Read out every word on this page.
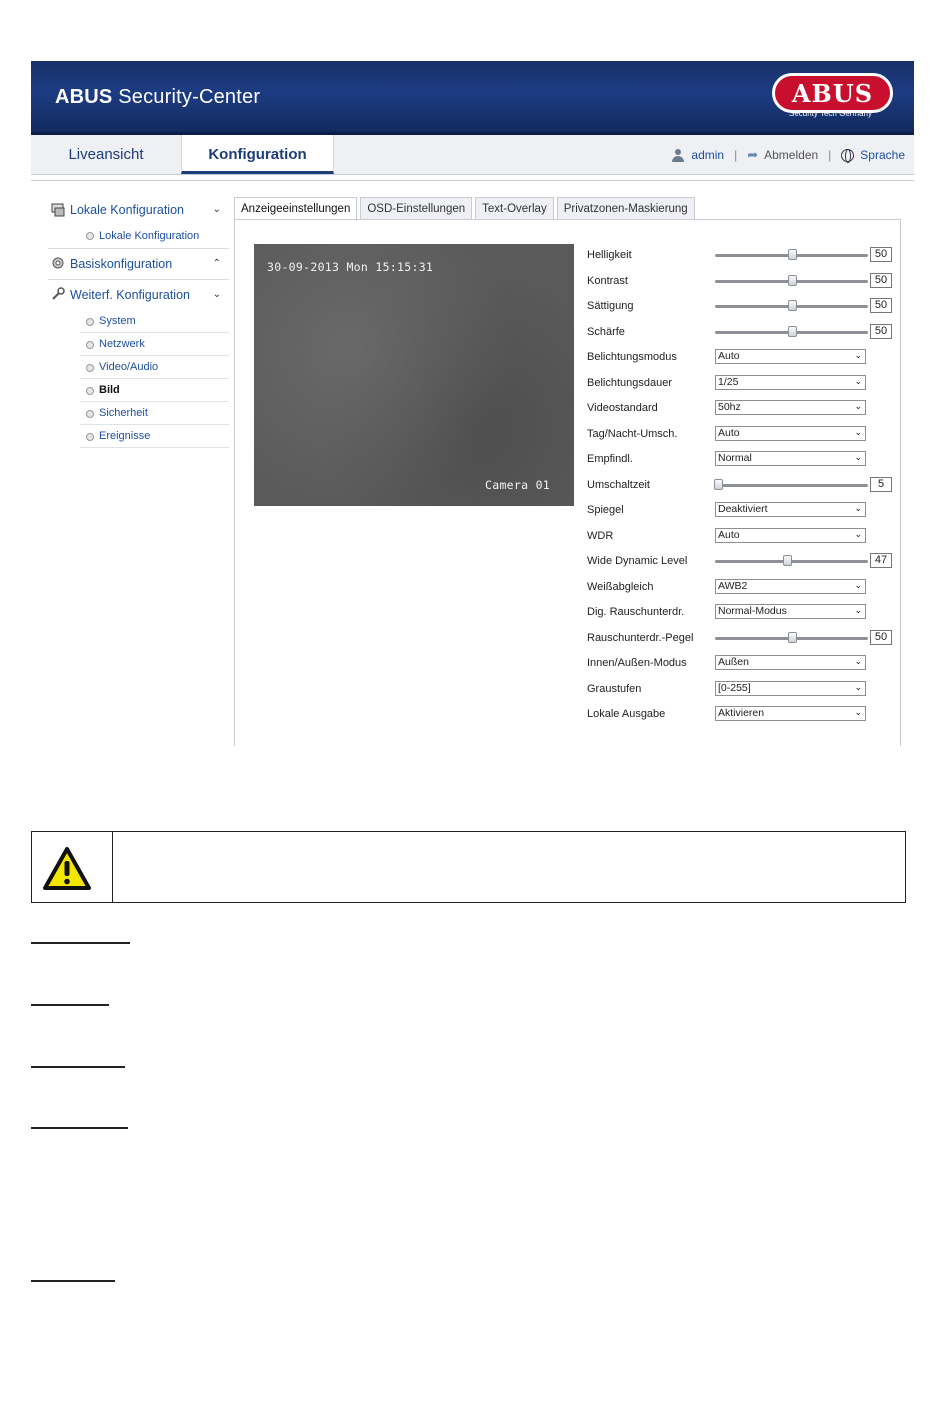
ABUS Security-Center	ABUS
Security Tech Germany
Liveansicht	Konfiguration	admin | ➦ Abmelden | Sprache
Lokale Konfiguration	⌄
Lokale Konfiguration
Basiskonfiguration	⌃
Weiterf. Konfiguration ⌄
System
Netzwerk
Video/Audio
Bild
Sicherheit
Ereignisse
Anzeigeeinstellungen	OSD-Einstellungen	Text-Overlay	Privatzonen-Maskierung
30-09-2013 Mon 15:15:31
Camera 01
Helligkeit	50
Kontrast	50
Sättigung	50
Schärfe	50
Belichtungsmodus	Auto	⌄
Belichtungsdauer	1/25	⌄
Videostandard	50hz	⌄
Tag/Nacht-Umsch.	Auto	⌄
Empfindl.	Normal	⌄
Umschaltzeit	5
Spiegel	Deaktiviert	⌄
WDR	Auto	⌄
Wide Dynamic Level	47
Weißabgleich	AWB2	⌄
Dig. Rauschunterdr.	Normal-Modus	⌄
Rauschunterdr.-Pegel	50
Innen/Außen-Modus	Außen	⌄
Graustufen	[0-255]	⌄
Lokale Ausgabe	Aktivieren	⌄
